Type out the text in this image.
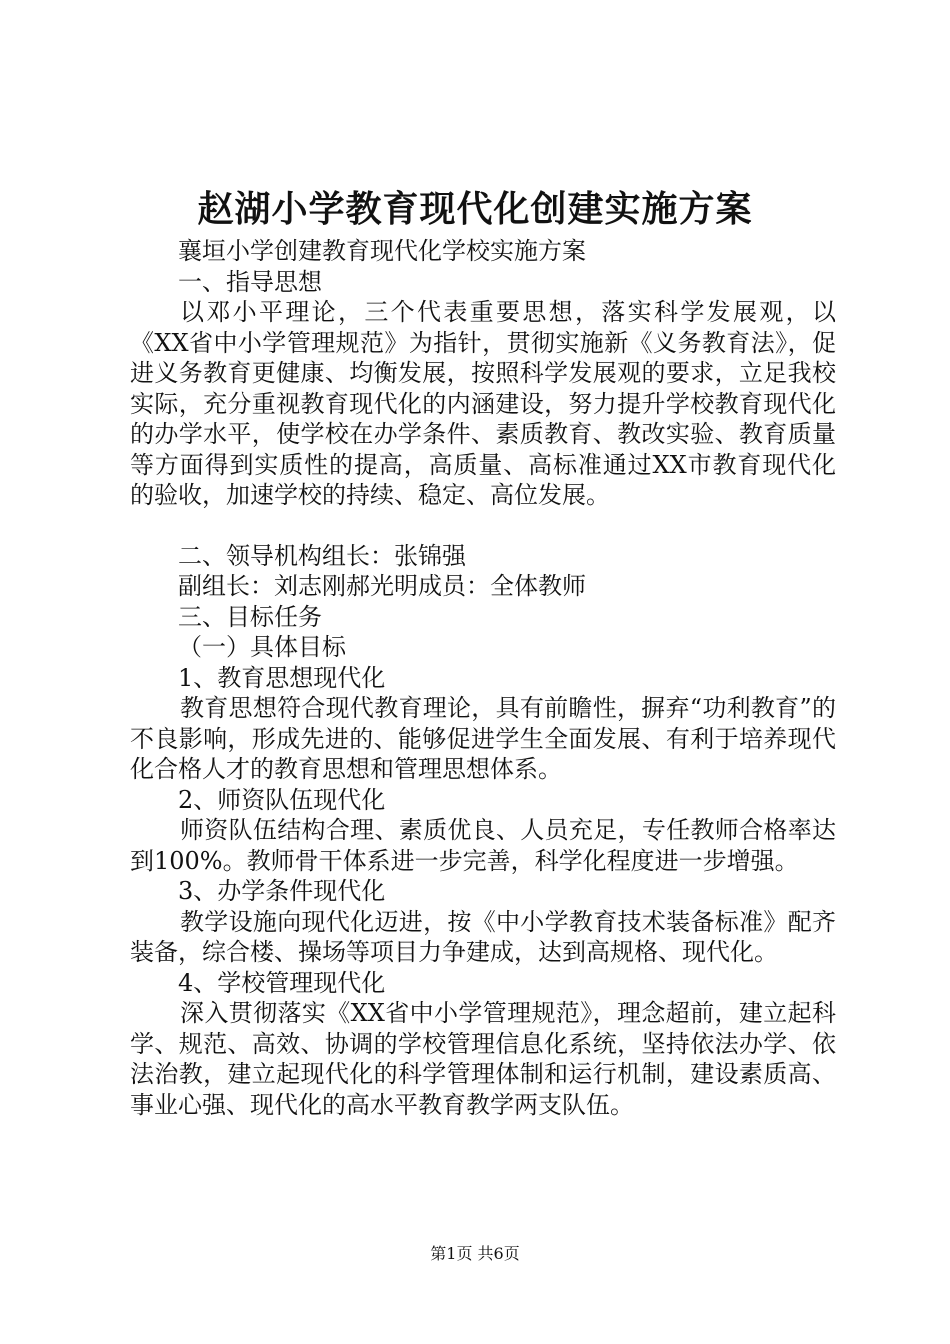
赵湖小学教育现代化创建实施方案

襄垣小学创建教育现代化学校实施方案

一、指导思想

以邓小平理论，三个代表重要思想，落实科学发展观，以《XX省中小学管理规范》为指针，贯彻实施新《义务教育法》，促进义务教育更健康、均衡发展，按照科学发展观的要求，立足我校实际，充分重视教育现代化的内涵建设，努力提升学校教育现代化的办学水平，使学校在办学条件、素质教育、教改实验、教育质量等方面得到实质性的提高，高质量、高标准通过XX市教育现代化的验收，加速学校的持续、稳定、高位发展。

二、领导机构组长：张锦强

副组长：刘志刚郝光明成员：全体教师

三、目标任务

（一）具体目标

1、教育思想现代化

教育思想符合现代教育理论，具有前瞻性，摒弃“功利教育”的不良影响，形成先进的、能够促进学生全面发展、有利于培养现代化合格人才的教育思想和管理思想体系。

2、师资队伍现代化

师资队伍结构合理、素质优良、人员充足，专任教师合格率达到100%。教师骨干体系进一步完善，科学化程度进一步增强。

3、办学条件现代化

教学设施向现代化迈进，按《中小学教育技术装备标准》配齐装备，综合楼、操场等项目力争建成，达到高规格、现代化。

4、学校管理现代化

深入贯彻落实《XX省中小学管理规范》，理念超前，建立起科学、规范、高效、协调的学校管理信息化系统，坚持依法办学、依法治教，建立起现代化的科学管理体制和运行机制，建设素质高、事业心强、现代化的高水平教育教学两支队伍。

第1页 共6页
